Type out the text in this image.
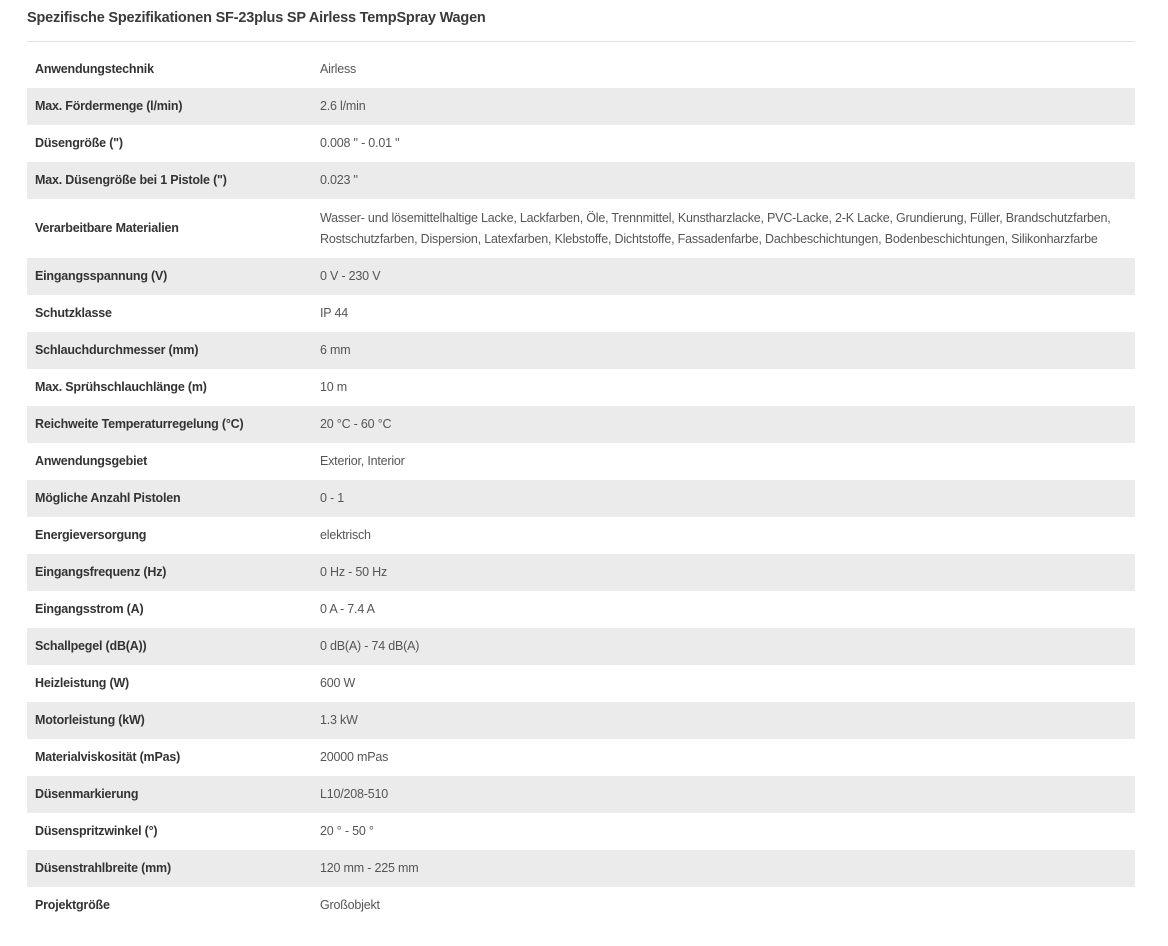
Spezifische Spezifikationen SF-23plus SP Airless TempSpray Wagen
Anwendungstechnik	Airless
Max. Fördermenge (l/min)	2.6 l/min
Düsengröße (")	0.008 " - 0.01 "
Max. Düsengröße bei 1 Pistole (")	0.023 "
Verarbeitbare Materialien	Wasser- und lösemittelhaltige Lacke, Lackfarben, Öle, Trennmittel, Kunstharzlacke, PVC-Lacke, 2-K Lacke, Grundierung, Füller, Brandschutzfarben, Rostschutzfarben, Dispersion, Latexfarben, Klebstoffe, Dichtstoffe, Fassadenfarbe, Dachbeschichtungen, Bodenbeschichtungen, Silikonharzfarbe
Eingangsspannung (V)	0 V - 230 V
Schutzklasse	IP 44
Schlauchdurchmesser (mm)	6 mm
Max. Sprühschlauchlänge (m)	10 m
Reichweite Temperaturregelung (°C)	20 °C - 60 °C
Anwendungsgebiet	Exterior, Interior
Mögliche Anzahl Pistolen	0 - 1
Energieversorgung	elektrisch
Eingangsfrequenz (Hz)	0 Hz - 50 Hz
Eingangsstrom (A)	0 A - 7.4 A
Schallpegel (dB(A))	0 dB(A) - 74 dB(A)
Heizleistung (W)	600 W
Motorleistung (kW)	1.3 kW
Materialviskosität (mPas)	20000 mPas
Düsenmarkierung	L10/208-510
Düsenspritzwinkel (°)	20 ° - 50 °
Düsenstrahlbreite (mm)	120 mm - 225 mm
Projektgröße	Großobjekt
